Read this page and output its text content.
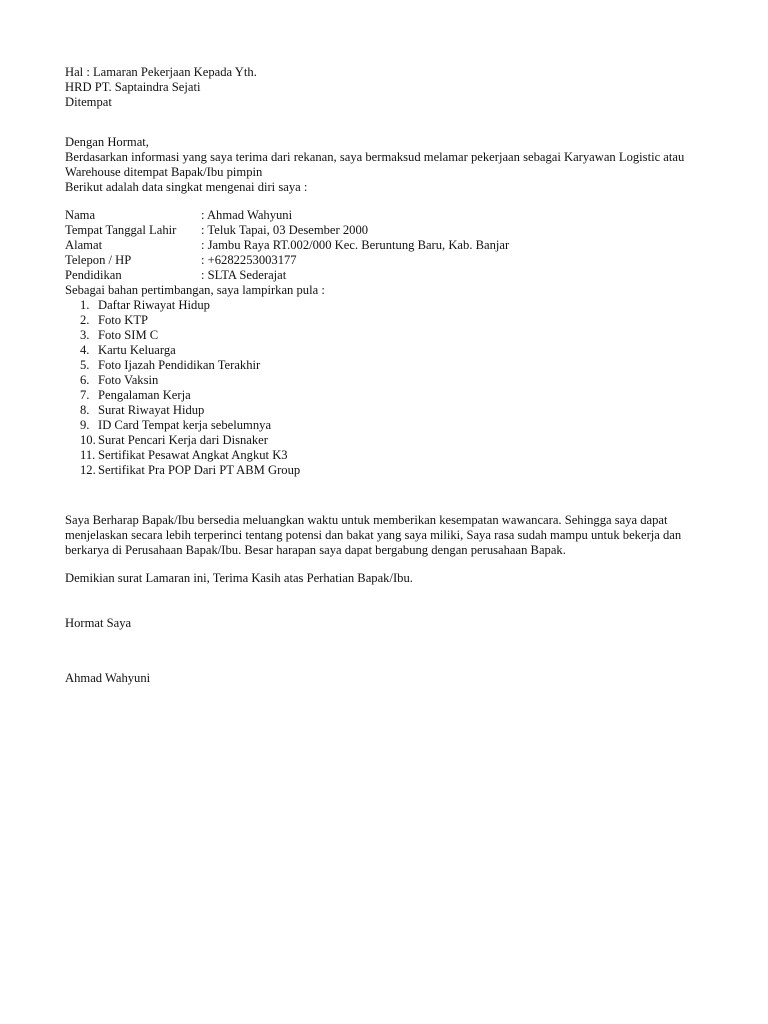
Hal : Lamaran Pekerjaan Kepada Yth.
HRD PT. Saptaindra Sejati
Ditempat
Dengan Hormat,
Berdasarkan informasi yang saya terima dari rekanan, saya bermaksud melamar pekerjaan sebagai Karyawan Logistic atau
Warehouse ditempat Bapak/Ibu pimpin
Berikut adalah data singkat mengenai diri saya :
Nama	: Ahmad Wahyuni
Tempat Tanggal Lahir	: Teluk Tapai, 03 Desember 2000
Alamat	: Jambu Raya RT.002/000 Kec. Beruntung Baru, Kab. Banjar
Telepon / HP	: +6282253003177
Pendidikan	: SLTA Sederajat
Sebagai bahan pertimbangan, saya lampirkan pula :
1. Daftar Riwayat Hidup
2. Foto KTP
3. Foto SIM C
4. Kartu Keluarga
5. Foto Ijazah Pendidikan Terakhir
6. Foto Vaksin
7. Pengalaman Kerja
8. Surat Riwayat Hidup
9. ID Card Tempat kerja sebelumnya
10. Surat Pencari Kerja dari Disnaker
11. Sertifikat Pesawat Angkat Angkut K3
12. Sertifikat Pra POP Dari PT ABM Group
Saya Berharap Bapak/Ibu bersedia meluangkan waktu untuk memberikan kesempatan wawancara. Sehingga saya dapat
menjelaskan secara lebih terperinci tentang potensi dan bakat yang saya miliki, Saya rasa sudah mampu untuk bekerja dan
berkarya di Perusahaan Bapak/Ibu. Besar harapan saya dapat bergabung dengan perusahaan Bapak.
Demikian surat Lamaran ini, Terima Kasih atas Perhatian Bapak/Ibu.
Hormat Saya
Ahmad Wahyuni
